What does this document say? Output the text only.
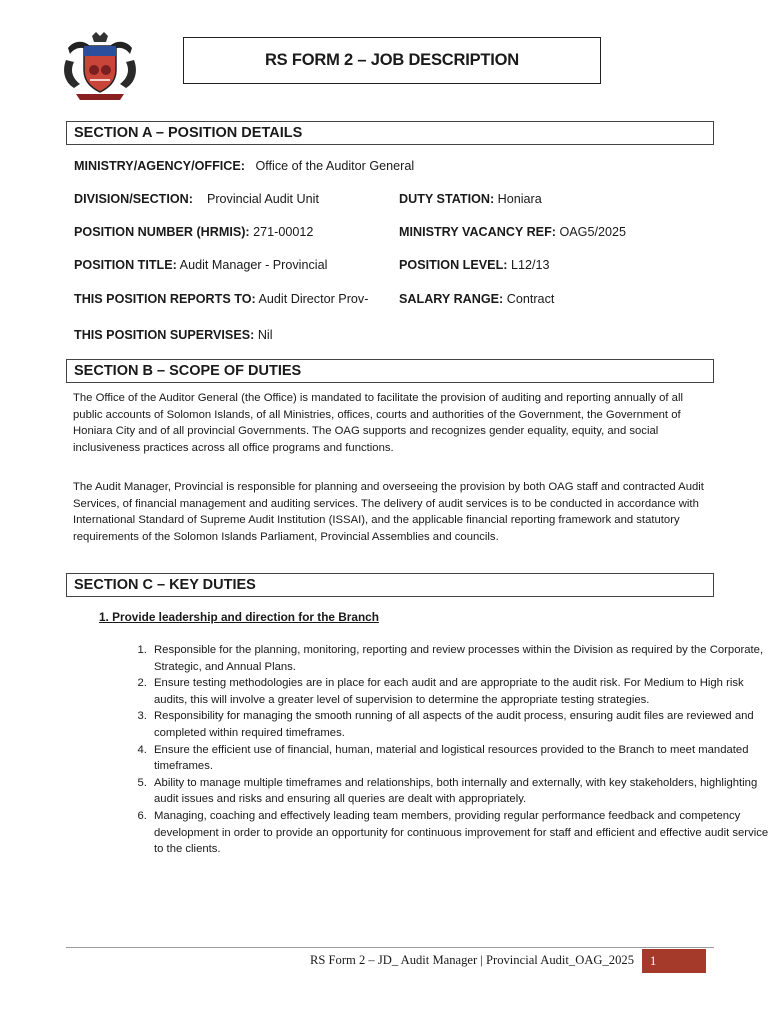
RS FORM 2 – JOB DESCRIPTION
SECTION A – POSITION DETAILS
MINISTRY/AGENCY/OFFICE: Office of the Auditor General
DIVISION/SECTION: Provincial Audit Unit	DUTY STATION: Honiara
POSITION NUMBER (HRMIS): 271-00012	MINISTRY VACANCY REF: OAG5/2025
POSITION TITLE: Audit Manager - Provincial	POSITION LEVEL: L12/13
THIS POSITION REPORTS TO: Audit Director Prov- SALARY RANGE: Contract
THIS POSITION SUPERVISES: Nil
SECTION B – SCOPE OF DUTIES

The Office of the Auditor General (the Office) is mandated to facilitate the provision of auditing and reporting annually of all public accounts of Solomon Islands, of all Ministries, offices, courts and authorities of the Government, the Government of Honiara City and of all provincial Governments. The OAG supports and recognizes gender equality, equity, and social inclusiveness practices across all office programs and functions.

The Audit Manager, Provincial is responsible for planning and overseeing the provision by both OAG staff and contracted Audit Services, of financial management and auditing services. The delivery of audit services is to be conducted in accordance with International Standard of Supreme Audit Institution (ISSAI), and the applicable financial reporting framework and statutory requirements of the Solomon Islands Parliament, Provincial Assemblies and councils.

SECTION C – KEY DUTIES
1. Provide leadership and direction for the Branch
1. Responsible for the planning, monitoring, reporting and review processes within the Division as required by the Corporate, Strategic, and Annual Plans.
2. Ensure testing methodologies are in place for each audit and are appropriate to the audit risk. For Medium to High risk audits, this will involve a greater level of supervision to determine the appropriate testing strategies.
3. Responsibility for managing the smooth running of all aspects of the audit process, ensuring audit files are reviewed and completed within required timeframes.
4. Ensure the efficient use of financial, human, material and logistical resources provided to the Branch to meet mandated timeframes.
5. Ability to manage multiple timeframes and relationships, both internally and externally, with key stakeholders, highlighting audit issues and risks and ensuring all queries are dealt with appropriately.
6. Managing, coaching and effectively leading team members, providing regular performance feedback and competency development in order to provide an opportunity for continuous improvement for staff and efficient and effective audit service to the clients.
RS Form 2 – JD_ Audit Manager | Provincial Audit_OAG_2025 1
